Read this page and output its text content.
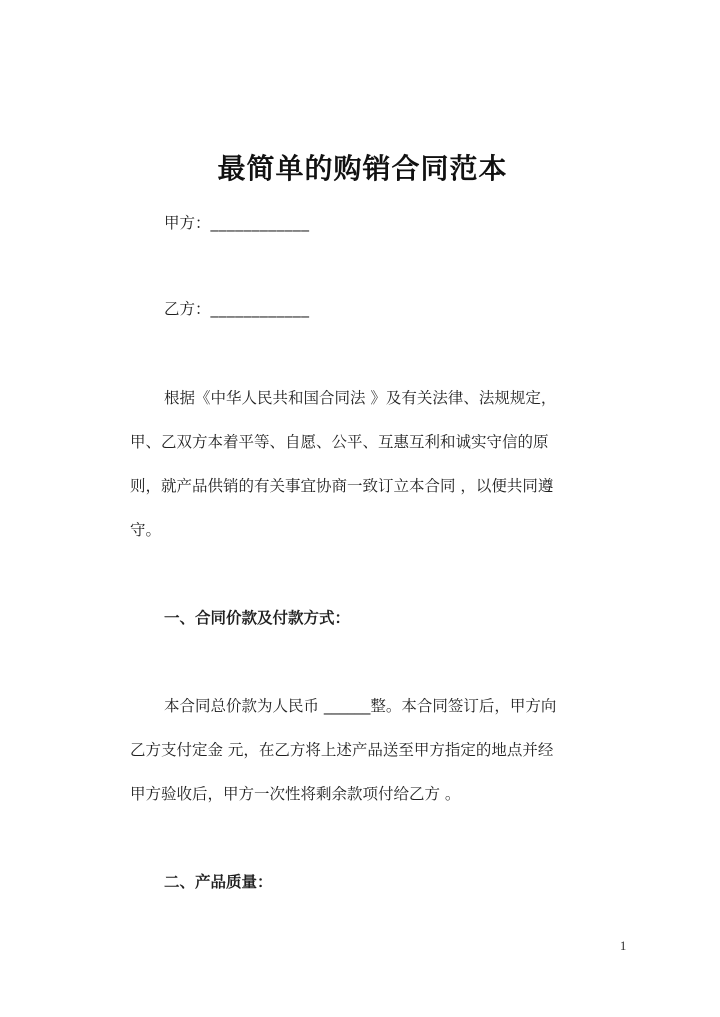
最简单的购销合同范本
甲方：____________
乙方：____________

根据《中华人民共和国合同法 》及有关法律、法规规定，

甲、乙双方本着平等、自愿、公平、互惠互利和诚实守信的原

则，就产品供销的有关事宜协商一致订立本合同 ，以便共同遵

守。

一、合同价款及付款方式：

本合同总价款为人民币 ______整。本合同签订后，甲方向

乙方支付定金 元，在乙方将上述产品送至甲方指定的地点并经

甲方验收后，甲方一次性将剩余款项付给乙方 。

二、产品质量：
1
